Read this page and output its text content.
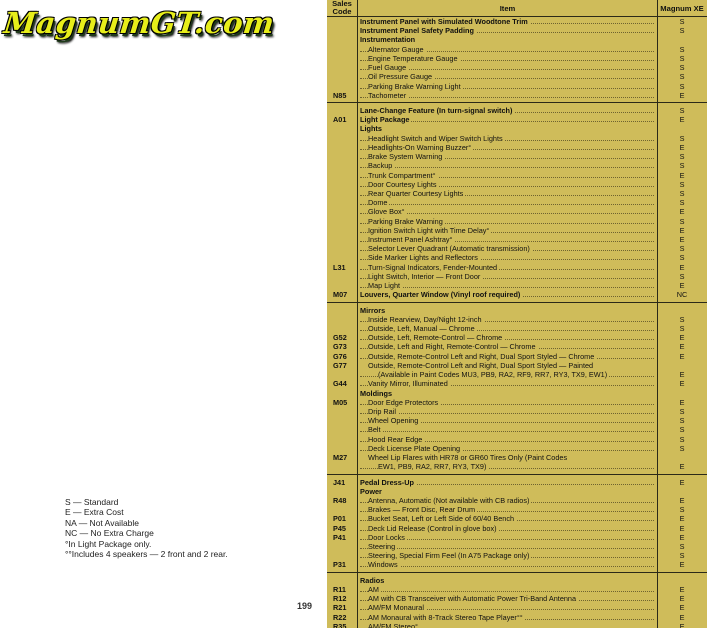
MagnumGT.com
S — Standard
E — Extra Cost
NA — Not Available
NC — No Extra Charge
°In Light Package only.
°°Includes 4 speakers — 2 front and 2 rear.
199
Sales
Code	Item	Magnum XE
Instrument Panel with Simulated Woodtone Trim	S
Instrument Panel Safety Padding	S
Instrumentation
Alternator Gauge	S
Engine Temperature Gauge	S
Fuel Gauge	S
Oil Pressure Gauge	S
Parking Brake Warning Light	S
N85	Tachometer	E
Lane-Change Feature (In turn-signal switch)	S
A01	Light Package	E
Lights
Headlight Switch and Wiper Switch Lights	S
Headlights-On Warning Buzzer°	E
Brake System Warning	S
Backup	S
Trunk Compartment°	E
Door Courtesy Lights	S
Rear Quarter Courtesy Lights	S
Dome	S
Glove Box°	E
Parking Brake Warning	S
Ignition Switch Light with Time Delay°	E
Instrument Panel Ashtray°	E
Selector Lever Quadrant (Automatic transmission)	S
Side Marker Lights and Reflectors	S
L31	Turn-Signal Indicators, Fender-Mounted	E
Light Switch, Interior — Front Door	S
Map Light	E
M07	Louvers, Quarter Window (Vinyl roof required)	NC
Mirrors
Inside Rearview, Day/Night 12-inch	S
Outside, Left, Manual — Chrome	S
G52	Outside, Left, Remote-Control — Chrome	E
G73	Outside, Left and Right, Remote-Control — Chrome	E
G76	Outside, Remote-Control Left and Right, Dual Sport Styled — Chrome	E
G77	Outside, Remote-Control Left and Right, Dual Sport Styled — Painted
(Available in Paint Codes MU3, PB9, RA2, RF9, RR7, RY3, TX9, EW1)	E
G44	Vanity Mirror, Illuminated	E
Moldings
M05	Door Edge Protectors	E
Drip Rail	S
Wheel Opening	S
Belt	S
Hood Rear Edge	S
Deck License Plate Opening	S
M27	Wheel Lip Flares with HR78 or GR60 Tires Only (Paint Codes
EW1, PB9, RA2, RR7, RY3, TX9)	E
J41	Pedal Dress-Up	E
Power
R48	Antenna, Automatic (Not available with CB radios)	E
Brakes — Front Disc, Rear Drum	S
P01	Bucket Seat, Left or Left Side of 60/40 Bench	E
P45	Deck Lid Release (Control in glove box)	E
P41	Door Locks	E
Steering	S
Steering, Special Firm Feel (In A75 Package only)	S
P31	Windows	E
Radios
R11	AM	E
R12	AM with CB Transceiver with Automatic Power Tri-Band Antenna	E
R21	AM/FM Monaural	E
R22	AM Monaural with 8-Track Stereo Tape Player°°	E
R35	AM/FM Stereo°	E
